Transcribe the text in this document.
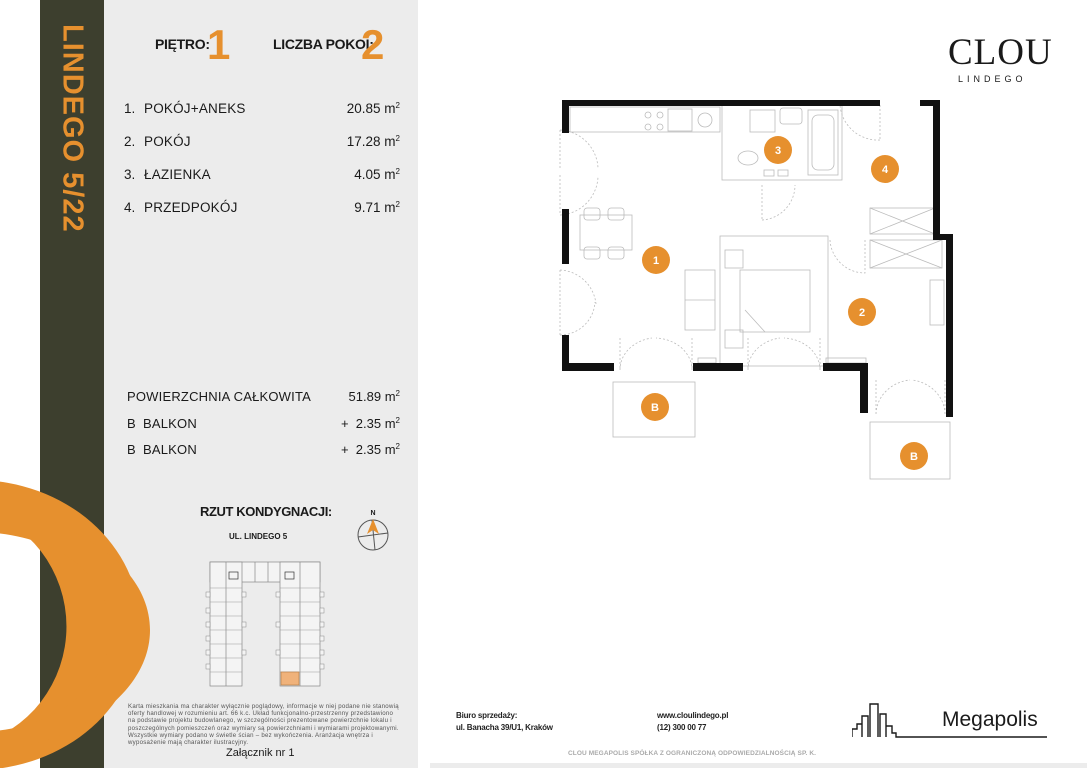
LINDEGO 5/22	PIĘTRO:
1	LICZBA POKOI:
2
1. POKÓJ+ANEKS	20.85 $m^2$
2. POKÓJ	17.28 $m^2$
3. ŁAZIENKA	4.05 $m^2$
4. PRZEDPOKÓJ	9.71 $m^2$
POWIERZCHNIA CAŁKOWITA	51.89 $m^2$
B BALKON	+  2.35 $m^2$
B BALKON	+  2.35 $m^2$
RZUT KONDYGNACJI:
UL. LINDEGO 5
N
Karta mieszkania ma charakter wyłącznie poglądowy, informacje w niej podane nie stanowią oferty handlowej w rozumieniu art. 66 k.c. Układ funkcjonalno-przestrzenny przedstawiono na podstawie projektu budowlanego, w szczególności prezentowane powierzchnie lokalu i poszczególnych pomieszczeń oraz wymiary są powierzchniami i wymiarami projektowanymi. Wszystkie wymiary podano w świetle ścian – bez wykończenia. Aranżacja wnętrza i wyposażenie mają charakter ilustracyjny.
Załącznik nr 1
CLOU
LINDEGO
1
2
3
4
B
B
Biuro sprzedaży:
ul. Banacha 39/U1, Kraków
www.cloulindego.pl
(12) 300 00 77
CLOU MEGAPOLIS SPÓŁKA Z OGRANICZONĄ ODPOWIEDZIALNOŚCIĄ SP. K.
Megapolis
